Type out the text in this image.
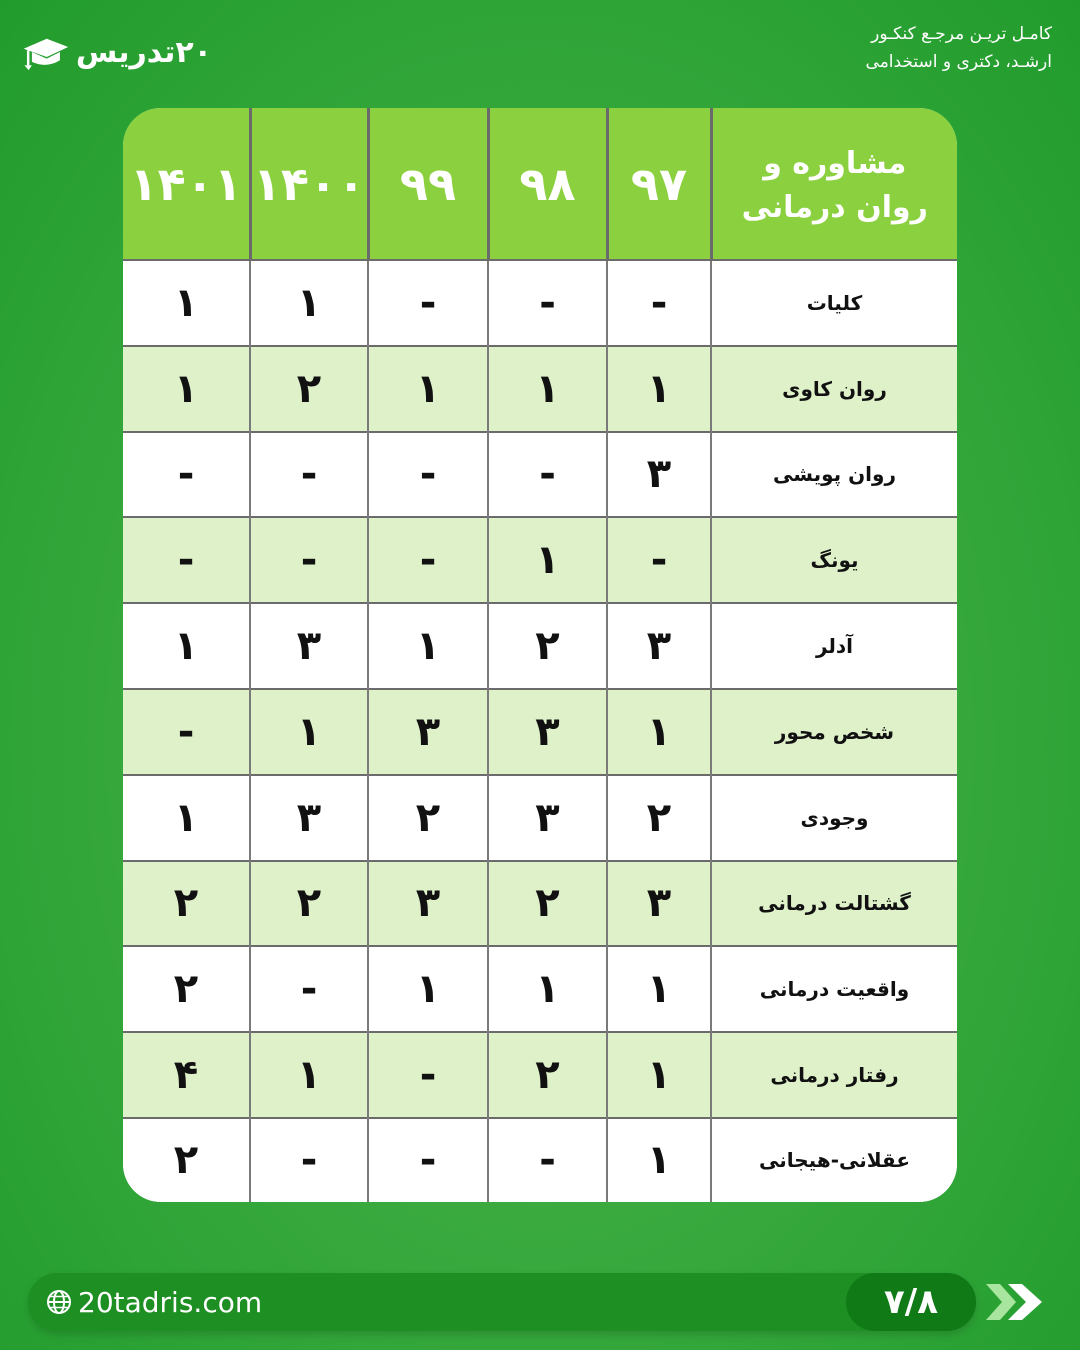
۲۰تدریس
کامـل تریـن مرجـع کنکـور
ارشـد، دکتری و استخدامی
مشاوره و
روان درمانی	۹۷	۹۸	۹۹	۱۴۰۰	۱۴۰۱
کلیات	-	-	-	۱	۱
روان کاوی	۱	۱	۱	۲	۱
روان پویشی	۳	-	-	-	-
یونگ	-	۱	-	-	-
آدلر	۳	۲	۱	۳	۱
شخص محور	۱	۳	۳	۱	-
وجودی	۲	۳	۲	۳	۱
گشتالت درمانی	۳	۲	۳	۲	۲
واقعیت درمانی	۱	۱	۱	-	۲
رفتار درمانی	۱	۲	-	۱	۴
عقلانی-هیجانی	۱	-	-	-	۲
20tadris.com	۷/۸
